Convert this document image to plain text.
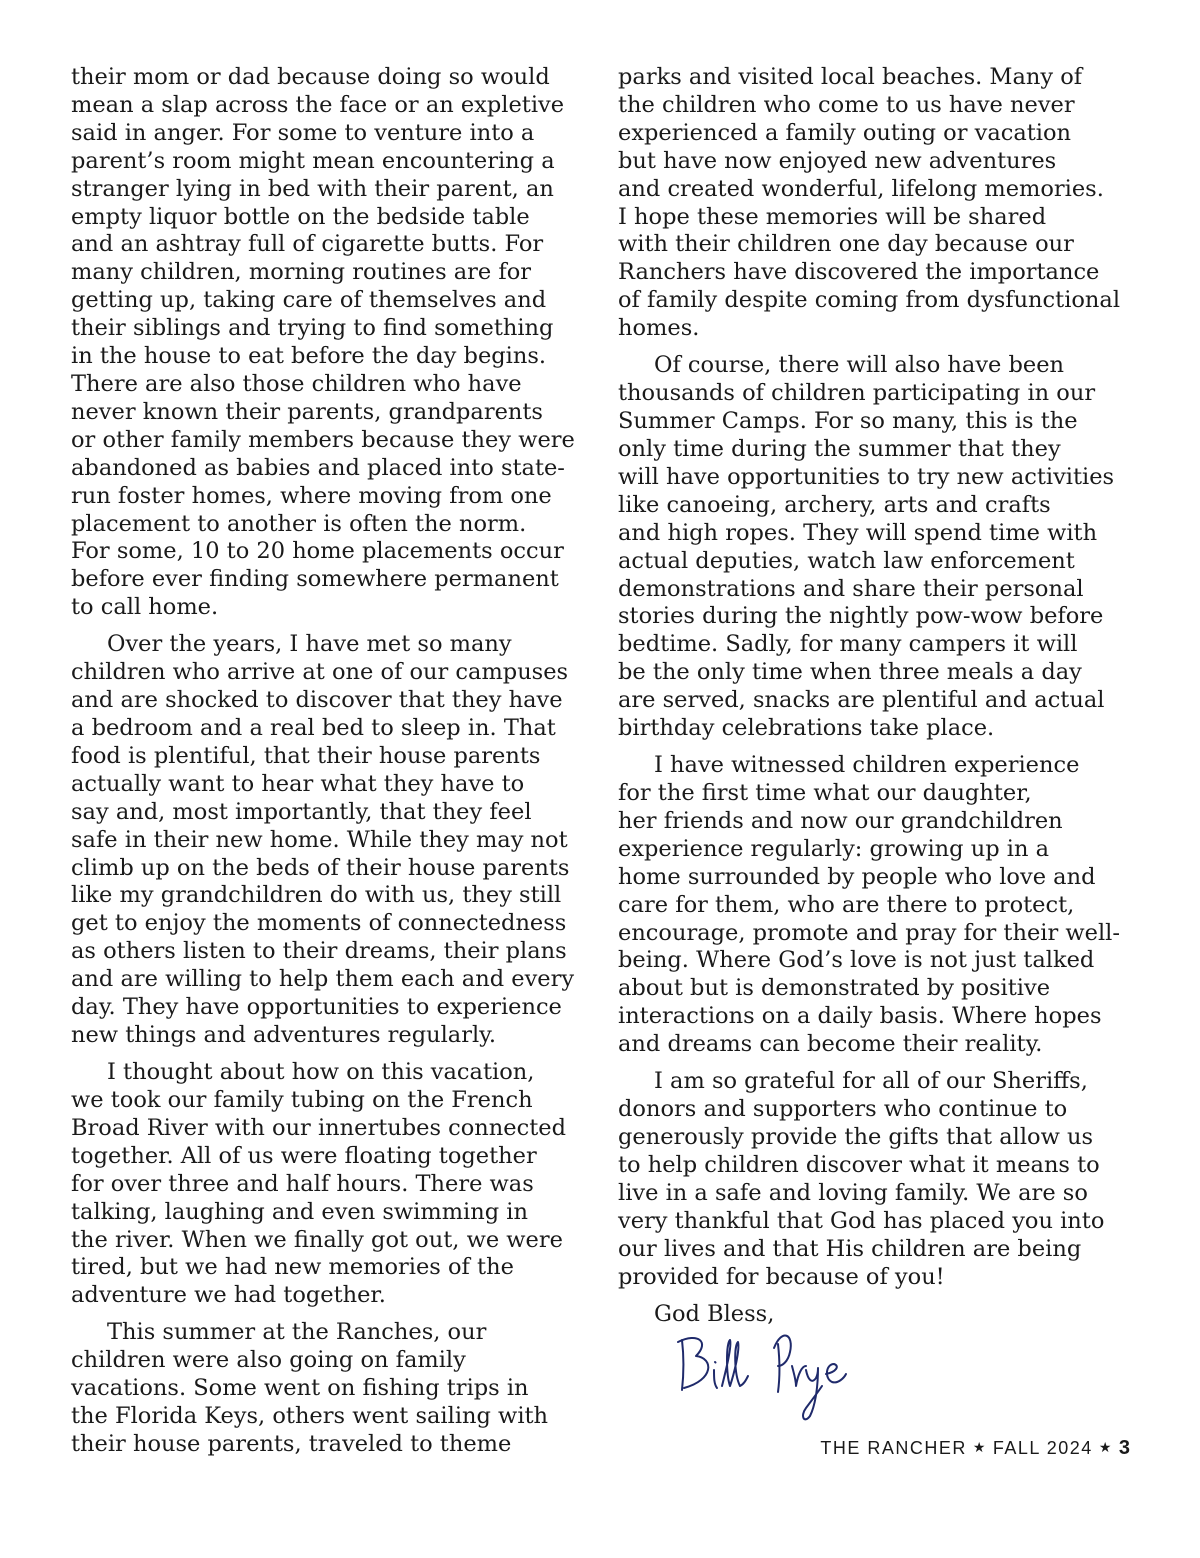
their mom or dad because doing so would
mean a slap across the face or an expletive
said in anger. For some to venture into a
parent’s room might mean encountering a
stranger lying in bed with their parent, an
empty liquor bottle on the bedside table
and an ashtray full of cigarette butts. For
many children, morning routines are for
getting up, taking care of themselves and
their siblings and trying to find something
in the house to eat before the day begins.
There are also those children who have
never known their parents, grandparents
or other family members because they were
abandoned as babies and placed into state-
run foster homes, where moving from one
placement to another is often the norm.
For some, 10 to 20 home placements occur
before ever finding somewhere permanent
to call home.

Over the years, I have met so many
children who arrive at one of our campuses
and are shocked to discover that they have
a bedroom and a real bed to sleep in. That
food is plentiful, that their house parents
actually want to hear what they have to
say and, most importantly, that they feel
safe in their new home. While they may not
climb up on the beds of their house parents
like my grandchildren do with us, they still
get to enjoy the moments of connectedness
as others listen to their dreams, their plans
and are willing to help them each and every
day. They have opportunities to experience
new things and adventures regularly.

I thought about how on this vacation,
we took our family tubing on the French
Broad River with our innertubes connected
together. All of us were floating together
for over three and half hours. There was
talking, laughing and even swimming in
the river. When we finally got out, we were
tired, but we had new memories of the
adventure we had together.

This summer at the Ranches, our
children were also going on family
vacations. Some went on fishing trips in
the Florida Keys, others went sailing with
their house parents, traveled to theme

parks and visited local beaches. Many of
the children who come to us have never
experienced a family outing or vacation
but have now enjoyed new adventures
and created wonderful, lifelong memories.
I hope these memories will be shared
with their children one day because our
Ranchers have discovered the importance
of family despite coming from dysfunctional
homes.

Of course, there will also have been
thousands of children participating in our
Summer Camps. For so many, this is the
only time during the summer that they
will have opportunities to try new activities
like canoeing, archery, arts and crafts
and high ropes. They will spend time with
actual deputies, watch law enforcement
demonstrations and share their personal
stories during the nightly pow-wow before
bedtime. Sadly, for many campers it will
be the only time when three meals a day
are served, snacks are plentiful and actual
birthday celebrations take place.

I have witnessed children experience
for the first time what our daughter,
her friends and now our grandchildren
experience regularly: growing up in a
home surrounded by people who love and
care for them, who are there to protect,
encourage, promote and pray for their well-
being. Where God’s love is not just talked
about but is demonstrated by positive
interactions on a daily basis. Where hopes
and dreams can become their reality.

I am so grateful for all of our Sheriffs,
donors and supporters who continue to
generously provide the gifts that allow us
to help children discover what it means to
live in a safe and loving family. We are so
very thankful that God has placed you into
our lives and that His children are being
provided for because of you!

God Bless,

THE RANCHER ★ FALL 2024 ★ 3
